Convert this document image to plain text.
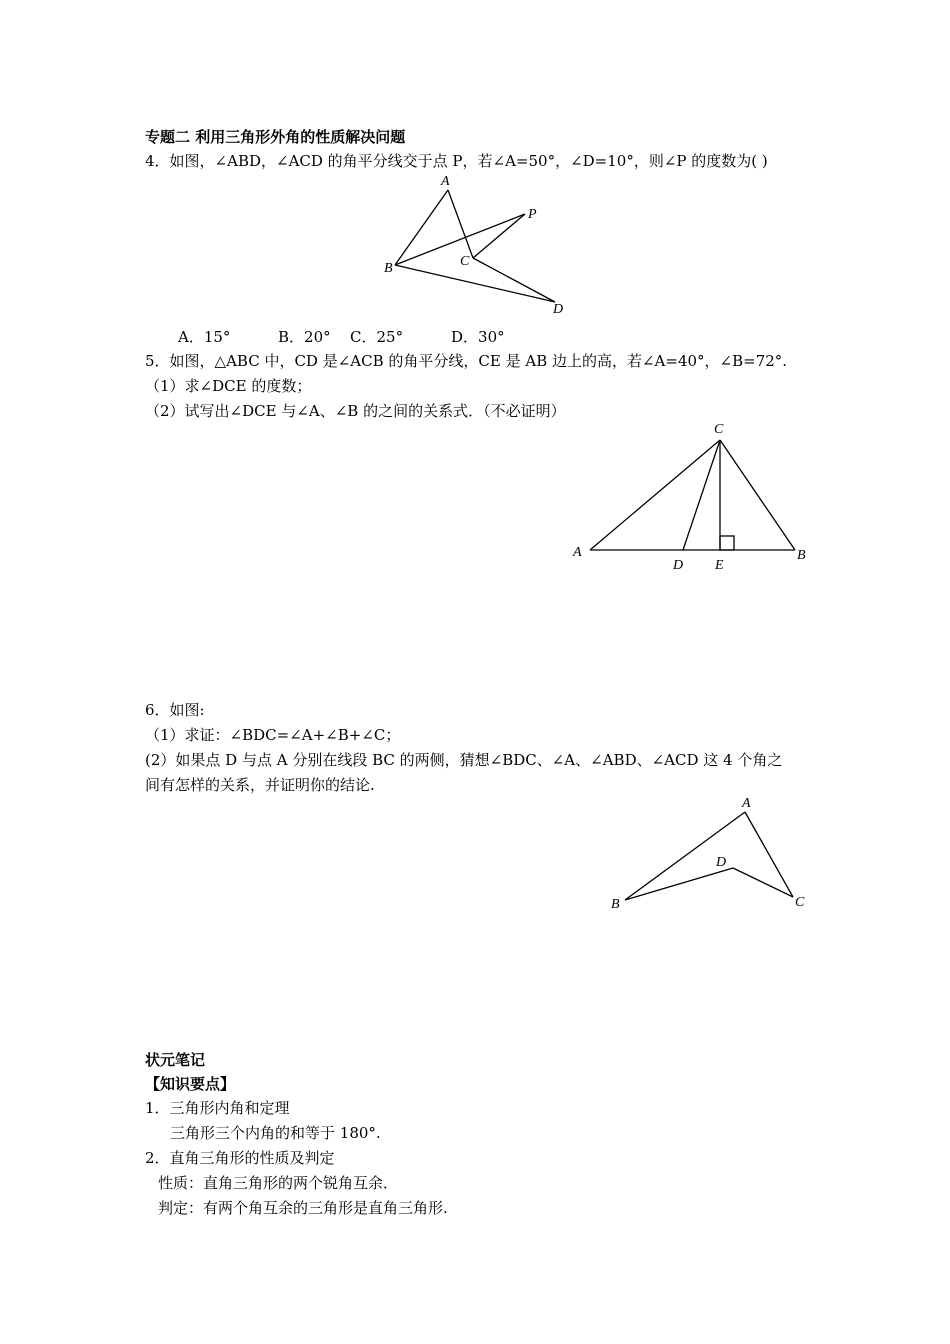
专题二 利用三角形外角的性质解决问题
4．如图，∠ABD，∠ACD 的角平分线交于点 P，若∠A=50°，∠D=10°，则∠P 的度数为( )
A
P
B	C
D
A．15°	B．20° C．25°	D．30°
5．如图，△ABC 中，CD 是∠ACB 的角平分线，CE 是 AB 边上的高，若∠A=40°，∠B=72°.
（1）求∠DCE 的度数；
（2）试写出∠DCE 与∠A、∠B 的之间的关系式．（不必证明）
C
A
D E
B
6．如图:
（1）求证：∠BDC=∠A+∠B+∠C；
(2）如果点 D 与点 A 分别在线段 BC 的两侧，猜想∠BDC、∠A、∠ABD、∠ACD 这 4 个角之
间有怎样的关系，并证明你的结论.
A
D
B	C
状元笔记
【知识要点】
1．三角形内角和定理
三角形三个内角的和等于 180°.
2．直角三角形的性质及判定
性质：直角三角形的两个锐角互余．
判定：有两个角互余的三角形是直角三角形.
